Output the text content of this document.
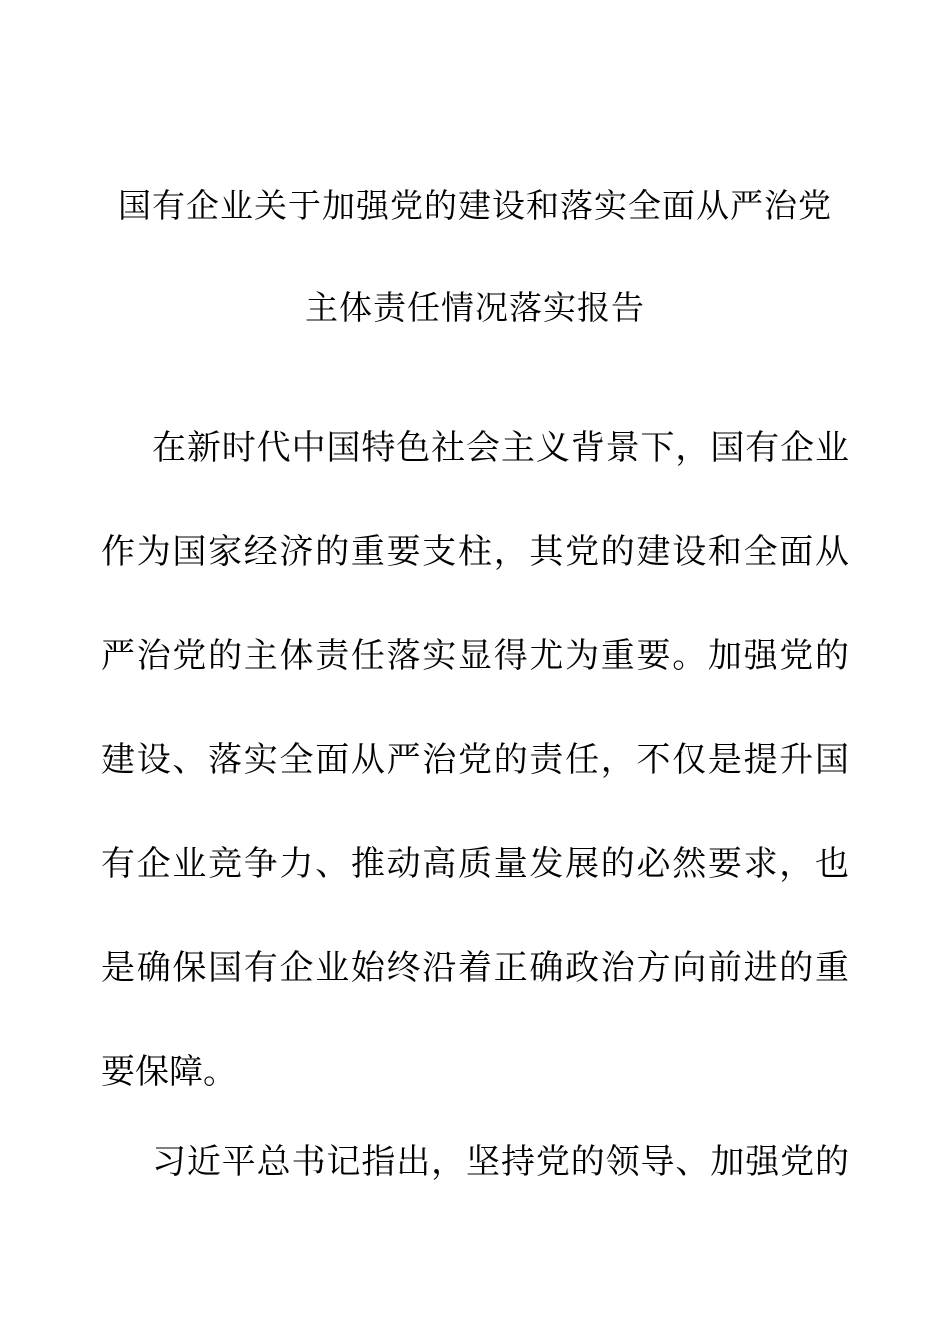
国有企业关于加强党的建设和落实全面从严治党
主体责任情况落实报告
在新时代中国特色社会主义背景下，国有企业
作为国家经济的重要支柱，其党的建设和全面从
严治党的主体责任落实显得尤为重要。加强党的
建设、落实全面从严治党的责任，不仅是提升国
有企业竞争力、推动高质量发展的必然要求，也
是确保国有企业始终沿着正确政治方向前进的重
要保障。
习近平总书记指出，坚持党的领导、加强党的
